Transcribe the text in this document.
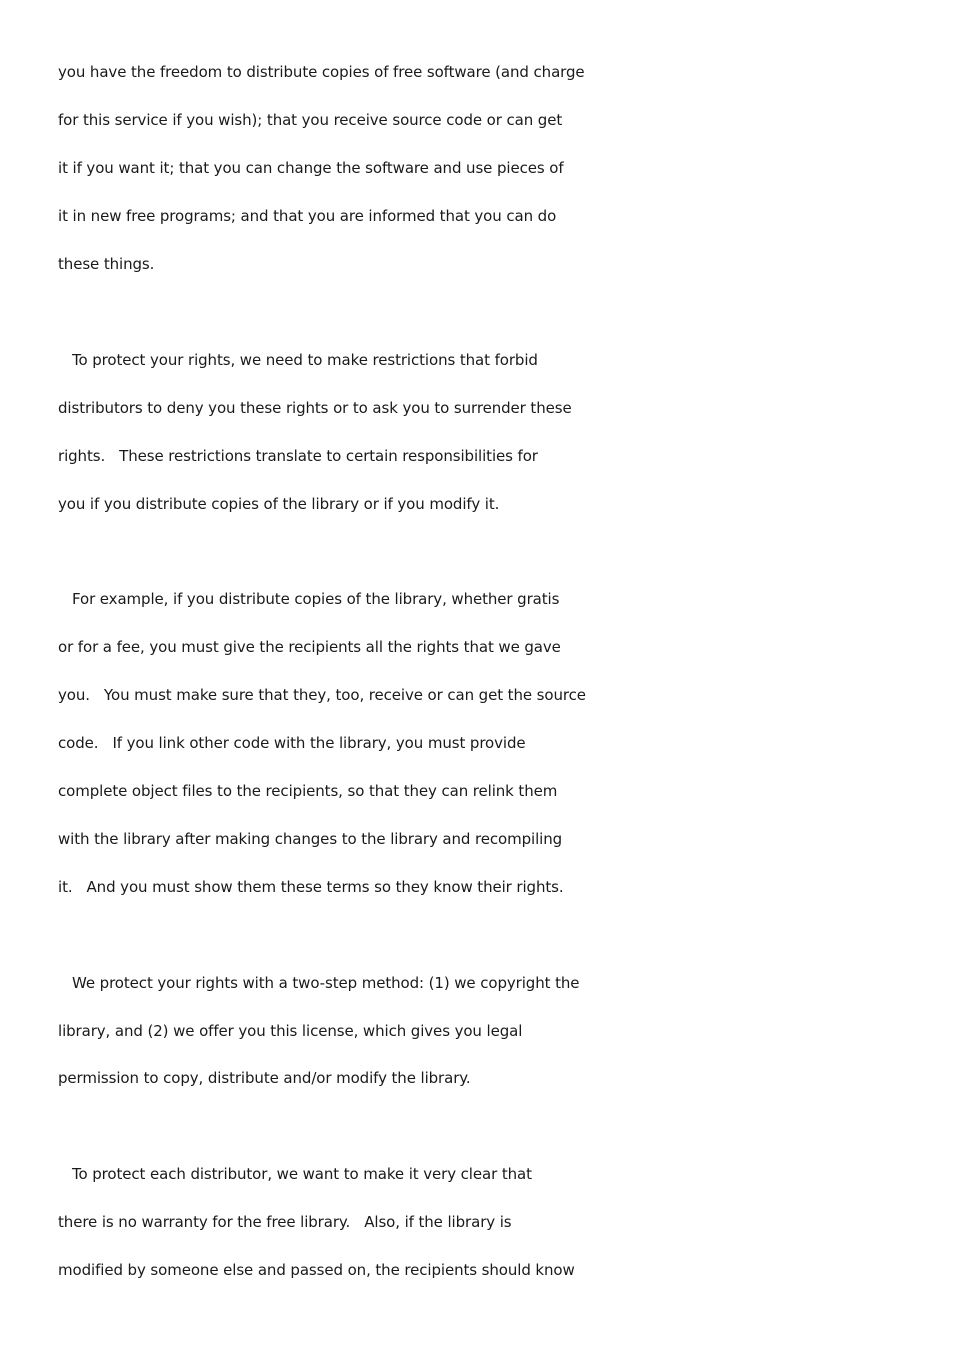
you have the freedom to distribute copies of free software (and charge
for this service if you wish); that you receive source code or can get
it if you want it; that you can change the software and use pieces of
it in new free programs; and that you are informed that you can do
these things.
To protect your rights, we need to make restrictions that forbid
distributors to deny you these rights or to ask you to surrender these
rights.   These restrictions translate to certain responsibilities for
you if you distribute copies of the library or if you modify it.
For example, if you distribute copies of the library, whether gratis
or for a fee, you must give the recipients all the rights that we gave
you.   You must make sure that they, too, receive or can get the source
code.   If you link other code with the library, you must provide
complete object files to the recipients, so that they can relink them
with the library after making changes to the library and recompiling
it.   And you must show them these terms so they know their rights.
We protect your rights with a two-step method: (1) we copyright the
library, and (2) we offer you this license, which gives you legal
permission to copy, distribute and/or modify the library.
To protect each distributor, we want to make it very clear that
there is no warranty for the free library.   Also, if the library is
modified by someone else and passed on, the recipients should know
